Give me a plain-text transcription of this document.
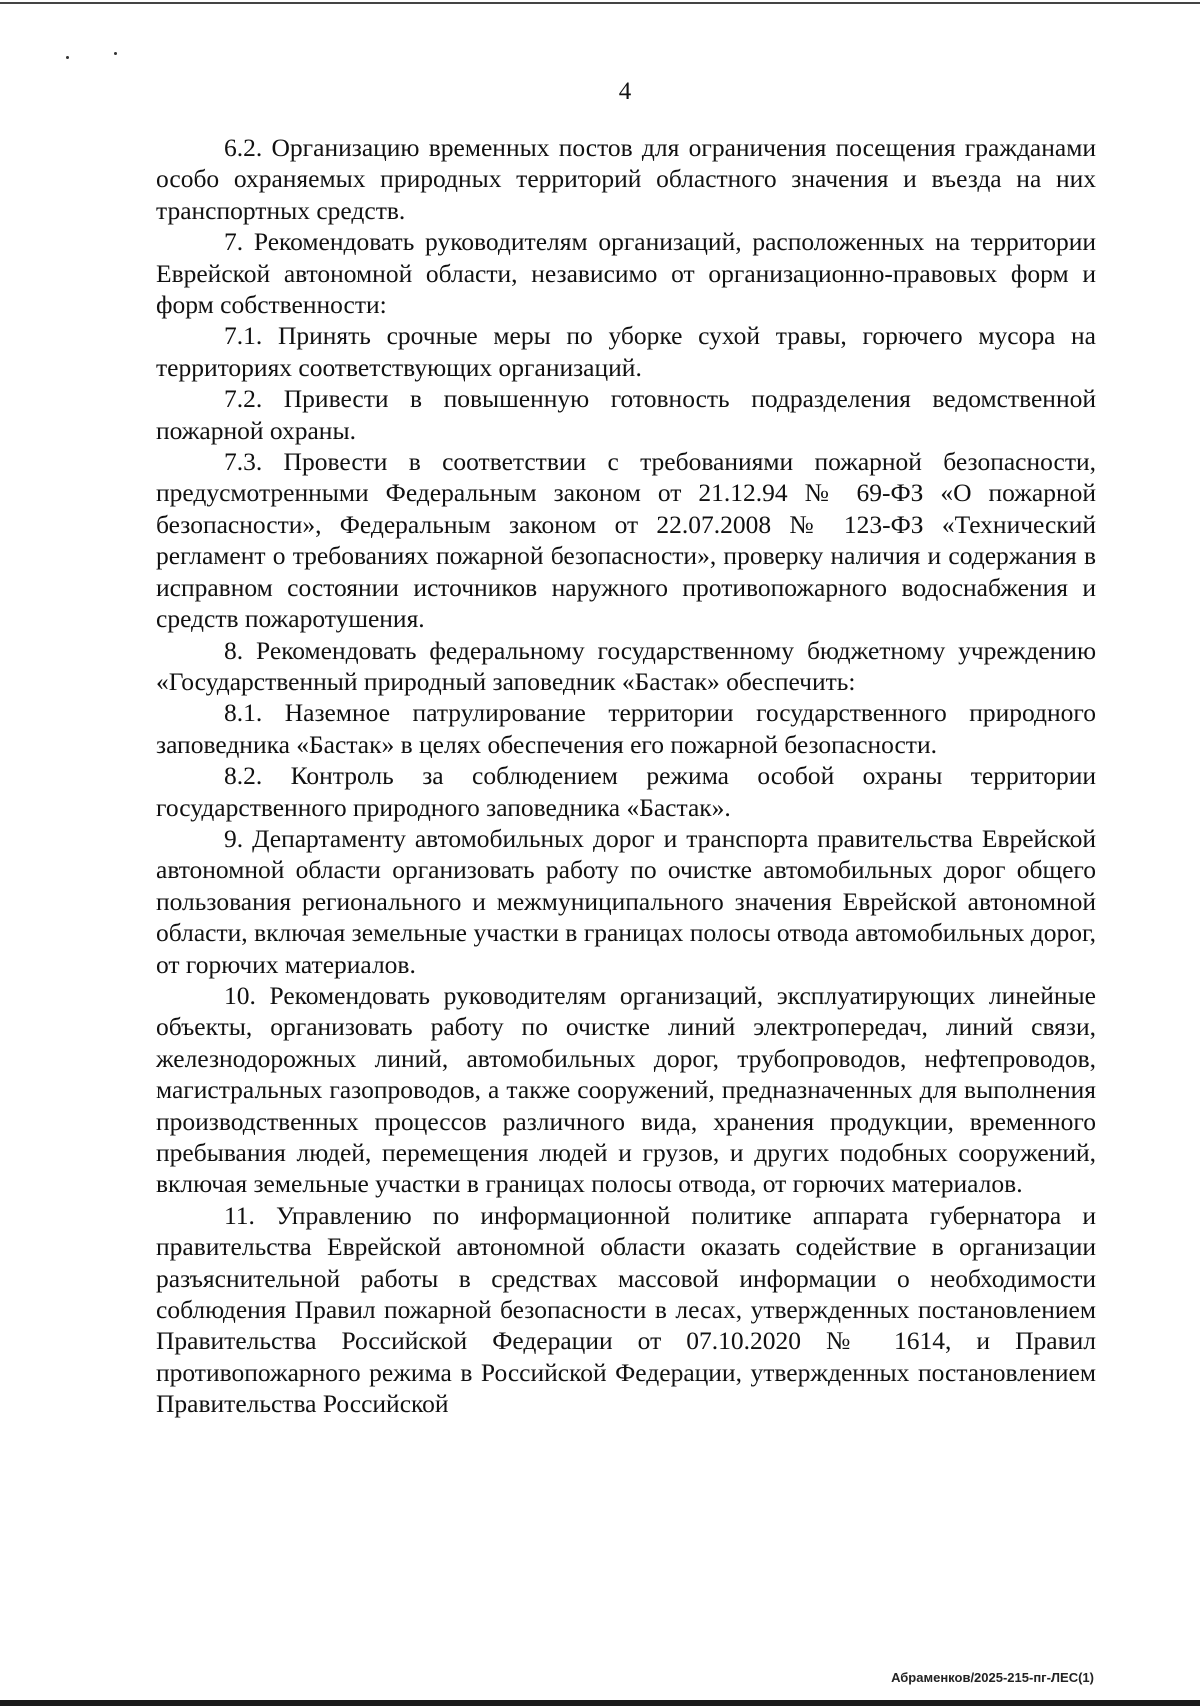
4

6.2. Организацию временных постов для ограничения посещения гражданами особо охраняемых природных территорий областного значения и въезда на них транспортных средств.

7. Рекомендовать руководителям организаций, расположенных на территории Еврейской автономной области, независимо от организационно-правовых форм и форм собственности:

7.1. Принять срочные меры по уборке сухой травы, горючего мусора на территориях соответствующих организаций.

7.2. Привести в повышенную готовность подразделения ведомственной пожарной охраны.

7.3. Провести в соответствии с требованиями пожарной безопасности, предусмотренными Федеральным законом от 21.12.94 № 69-ФЗ «О пожарной безопасности», Федеральным законом от 22.07.2008 № 123-ФЗ «Технический регламент о требованиях пожарной безопасности», проверку наличия и содержания в исправном состоянии источников наружного противопожарного водоснабжения и средств пожаротушения.

8. Рекомендовать федеральному государственному бюджетному учреждению «Государственный природный заповедник «Бастак» обеспечить:

8.1. Наземное патрулирование территории государственного природного заповедника «Бастак» в целях обеспечения его пожарной безопасности.

8.2. Контроль за соблюдением режима особой охраны территории государственного природного заповедника «Бастак».

9. Департаменту автомобильных дорог и транспорта правительства Еврейской автономной области организовать работу по очистке автомобильных дорог общего пользования регионального и межмуниципального значения Еврейской автономной области, включая земельные участки в границах полосы отвода автомобильных дорог, от горючих материалов.

10. Рекомендовать руководителям организаций, эксплуатирующих линейные объекты, организовать работу по очистке линий электропередач, линий связи, железнодорожных линий, автомобильных дорог, трубопроводов, нефтепроводов, магистральных газопроводов, а также сооружений, предназначенных для выполнения производственных процессов различного вида, хранения продукции, временного пребывания людей, перемещения людей и грузов, и других подобных сооружений, включая земельные участки в границах полосы отвода, от горючих материалов.

11. Управлению по информационной политике аппарата губернатора и правительства Еврейской автономной области оказать содействие в организации разъяснительной работы в средствах массовой информации о необходимости соблюдения Правил пожарной безопасности в лесах, утвержденных постановлением Правительства Российской Федерации от 07.10.2020 № 1614, и Правил противопожарного режима в Российской Федерации, утвержденных постановлением Правительства Российской

Абраменков/2025-215-пг-ЛЕС(1)
